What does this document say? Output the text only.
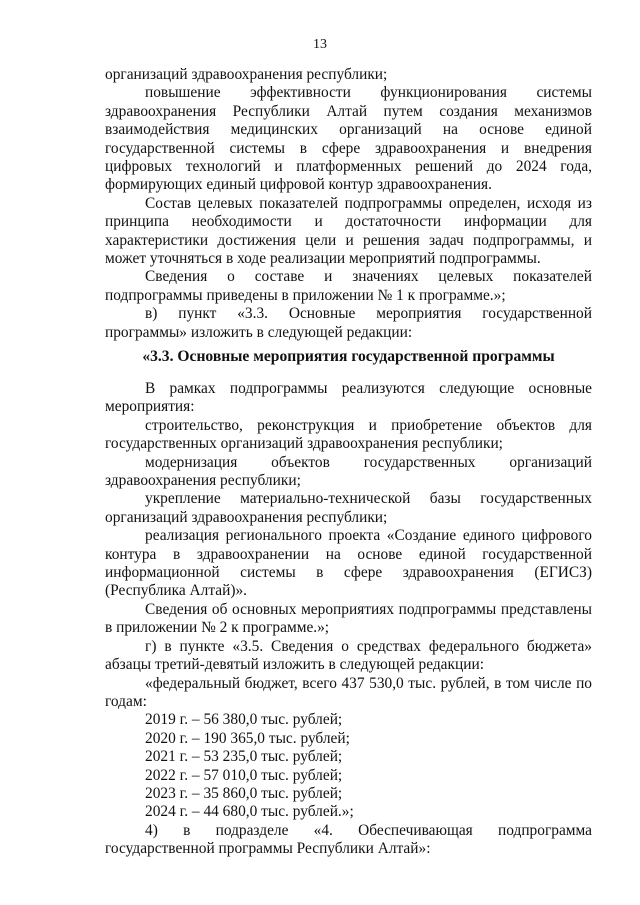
13

организаций здравоохранения республики;

повышение эффективности функционирования системы здравоохранения Республики Алтай путем создания механизмов взаимодействия медицинских организаций на основе единой государственной системы в сфере здравоохранения и внедрения цифровых технологий и платформенных решений до 2024 года, формирующих единый цифровой контур здравоохранения.

Состав целевых показателей подпрограммы определен, исходя из принципа необходимости и достаточности информации для характеристики достижения цели и решения задач подпрограммы, и может уточняться в ходе реализации мероприятий подпрограммы.

Сведения о составе и значениях целевых показателей подпрограммы приведены в приложении № 1 к программе.»;

в) пункт «3.3. Основные мероприятия государственной программы» изложить в следующей редакции:

«3.3. Основные мероприятия государственной программы

В рамках подпрограммы реализуются следующие основные мероприятия:

строительство, реконструкция и приобретение объектов для государственных организаций здравоохранения республики;

модернизация объектов государственных организаций здравоохранения республики;

укрепление материально-технической базы государственных организаций здравоохранения республики;

реализация регионального проекта «Создание единого цифрового контура в здравоохранении на основе единой государственной информационной системы в сфере здравоохранения (ЕГИСЗ) (Республика Алтай)».

Сведения об основных мероприятиях подпрограммы представлены в приложении № 2 к программе.»;

г) в пункте «3.5. Сведения о средствах федерального бюджета» абзацы третий-девятый изложить в следующей редакции:

«федеральный бюджет, всего 437 530,0 тыс. рублей, в том числе по годам:

2019 г. – 56 380,0 тыс. рублей;

2020 г. – 190 365,0 тыс. рублей;

2021 г. – 53 235,0 тыс. рублей;

2022 г. – 57 010,0 тыс. рублей;

2023 г. – 35 860,0 тыс. рублей;

2024 г. – 44 680,0 тыс. рублей.»;

4) в подразделе «4. Обеспечивающая подпрограмма государственной программы Республики Алтай»:
